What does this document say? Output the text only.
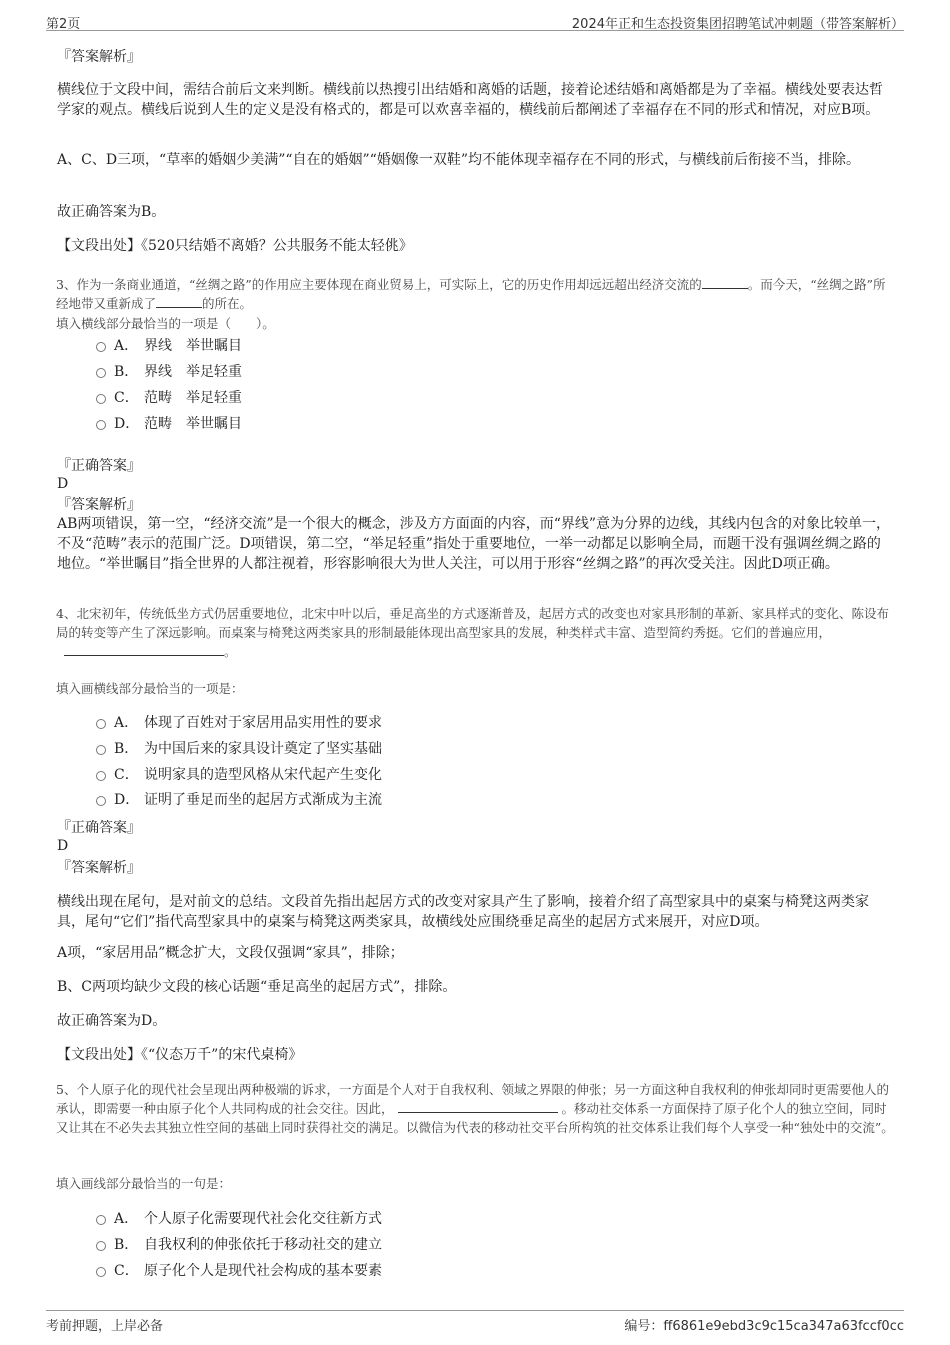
第2页	2024年正和生态投资集团招聘笔试冲刺题（带答案解析）
『答案解析』
横线位于文段中间，需结合前后文来判断。横线前以热搜引出结婚和离婚的话题，接着论述结婚和离婚都是为了幸福。横线处要表达哲学家的观点。横线后说到人生的定义是没有格式的，都是可以欢喜幸福的，横线前后都阐述了幸福存在不同的形式和情况，对应B项。
A、C、D三项，“草率的婚姻少美满”“自在的婚姻”“婚姻像一双鞋”均不能体现幸福存在不同的形式，与横线前后衔接不当，排除。
故正确答案为B。
【文段出处】《520只结婚不离婚？公共服务不能太轻佻》
3、作为一条商业通道，“丝绸之路”的作用应主要体现在商业贸易上，可实际上，它的历史作用却远远超出经济交流的	。而今天，“丝绸之路”所经地带又重新成了	的所在。
填入横线部分最恰当的一项是（　　）。
A． 界线 举世瞩目
B． 界线 举足轻重
C． 范畴 举足轻重
D． 范畴 举世瞩目
『正确答案』
D
『答案解析』
AB两项错误，第一空，“经济交流”是一个很大的概念，涉及方方面面的内容，而“界线”意为分界的边线，其线内包含的对象比较单一，不及“范畴”表示的范围广泛。D项错误，第二空，“举足轻重”指处于重要地位，一举一动都足以影响全局，而题干没有强调丝绸之路的地位。“举世瞩目”指全世界的人都注视着，形容影响很大为世人关注，可以用于形容“丝绸之路”的再次受关注。因此D项正确。
4、北宋初年，传统低坐方式仍居重要地位，北宋中叶以后，垂足高坐的方式逐渐普及，起居方式的改变也对家具形制的革新、家具样式的变化、陈设布局的转变等产生了深远影响。而桌案与椅凳这两类家具的形制最能体现出高型家具的发展，种类样式丰富、造型简约秀挺。它们的普遍应用，。
填入画横线部分最恰当的一项是：
A． 体现了百姓对于家居用品实用性的要求
B． 为中国后来的家具设计奠定了坚实基础
C． 说明家具的造型风格从宋代起产生变化
D． 证明了垂足而坐的起居方式渐成为主流
『正确答案』
D
『答案解析』
横线出现在尾句，是对前文的总结。文段首先指出起居方式的改变对家具产生了影响，接着介绍了高型家具中的桌案与椅凳这两类家具，尾句“它们”指代高型家具中的桌案与椅凳这两类家具，故横线处应围绕垂足高坐的起居方式来展开，对应D项。
A项，“家居用品”概念扩大，文段仅强调“家具”，排除；
B、C两项均缺少文段的核心话题“垂足高坐的起居方式”，排除。
故正确答案为D。
【文段出处】《“仪态万千”的宋代桌椅》
5、个人原子化的现代社会呈现出两种极端的诉求，一方面是个人对于自我权利、领域之界限的伸张；另一方面这种自我权利的伸张却同时更需要他人的承认，即需要一种由原子化个人共同构成的社会交往。因此，	。移动社交体系一方面保持了原子化个人的独立空间，同时又让其在不必失去其独立性空间的基础上同时获得社交的满足。以微信为代表的移动社交平台所构筑的社交体系让我们每个人享受一种“独处中的交流”。
填入画线部分最恰当的一句是：
A． 个人原子化需要现代社会化交往新方式
B． 自我权利的伸张依托于移动社交的建立
C． 原子化个人是现代社会构成的基本要素
考前押题，上岸必备	编号：ff6861e9ebd3c9c15ca347a63fccf0cc
